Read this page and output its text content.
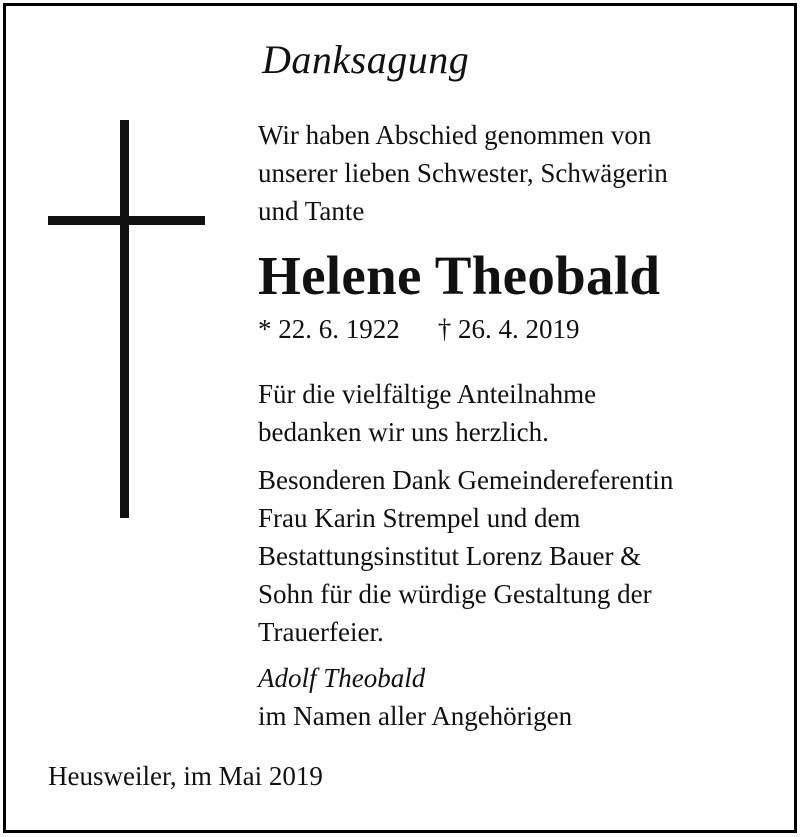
Danksagung
Wir haben Abschied genommen von
unserer lieben Schwester, Schwägerin
und Tante
Helene Theobald
* 22. 6. 1922 † 26. 4. 2019
Für die vielfältige Anteilnahme
bedanken wir uns herzlich.
Besonderen Dank Gemeindereferentin
Frau Karin Strempel und dem
Bestattungsinstitut Lorenz Bauer &
Sohn für die würdige Gestaltung der
Trauerfeier.
Adolf Theobald
im Namen aller Angehörigen
Heusweiler, im Mai 2019
